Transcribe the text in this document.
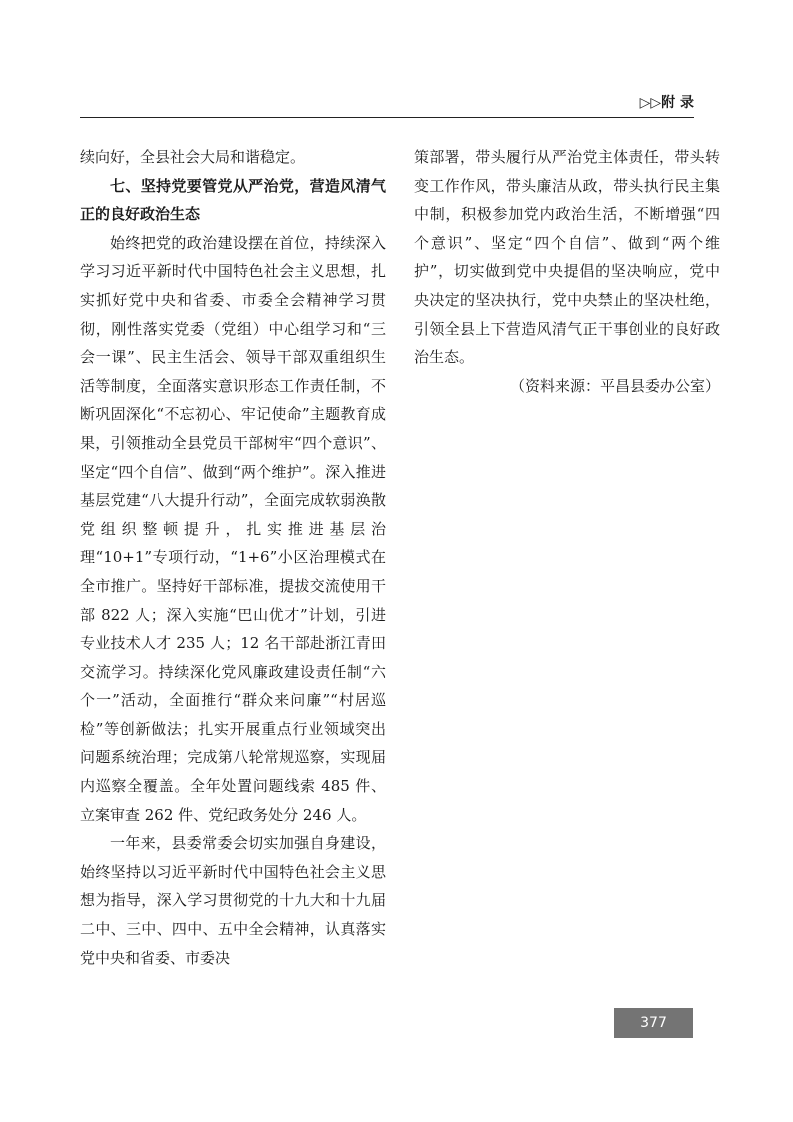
▷▷附 录

续向好，全县社会大局和谐稳定。

七、坚持党要管党从严治党，营造风清气正的良好政治生态

始终把党的政治建设摆在首位，持续深入学习习近平新时代中国特色社会主义思想，扎实抓好党中央和省委、市委全会精神学习贯彻，刚性落实党委（党组）中心组学习和“三会一课”、民主生活会、领导干部双重组织生活等制度，全面落实意识形态工作责任制，不断巩固深化“不忘初心、牢记使命”主题教育成果，引领推动全县党员干部树牢“四个意识”、坚定“四个自信”、做到“两个维护”。深入推进基层党建“八大提升行动”，全面完成软弱涣散党组织整顿提升，扎实推进基层治理“10+1”专项行动，“1+6”小区治理模式在全市推广。坚持好干部标准，提拔交流使用干部 822 人；深入实施“巴山优才”计划，引进专业技术人才 235 人；12 名干部赴浙江青田交流学习。持续深化党风廉政建设责任制“六个一”活动，全面推行“群众来问廉”“村居巡检”等创新做法；扎实开展重点行业领域突出问题系统治理；完成第八轮常规巡察，实现届内巡察全覆盖。全年处置问题线索 485 件、立案审查 262 件、党纪政务处分 246 人。

一年来，县委常委会切实加强自身建设，始终坚持以习近平新时代中国特色社会主义思想为指导，深入学习贯彻党的十九大和十九届二中、三中、四中、五中全会精神，认真落实党中央和省委、市委决

策部署，带头履行从严治党主体责任，带头转变工作作风，带头廉洁从政，带头执行民主集中制，积极参加党内政治生活，不断增强“四个意识”、坚定“四个自信”、做到“两个维护”，切实做到党中央提倡的坚决响应，党中央决定的坚决执行，党中央禁止的坚决杜绝，引领全县上下营造风清气正干事创业的良好政治生态。

（资料来源：平昌县委办公室）

377
